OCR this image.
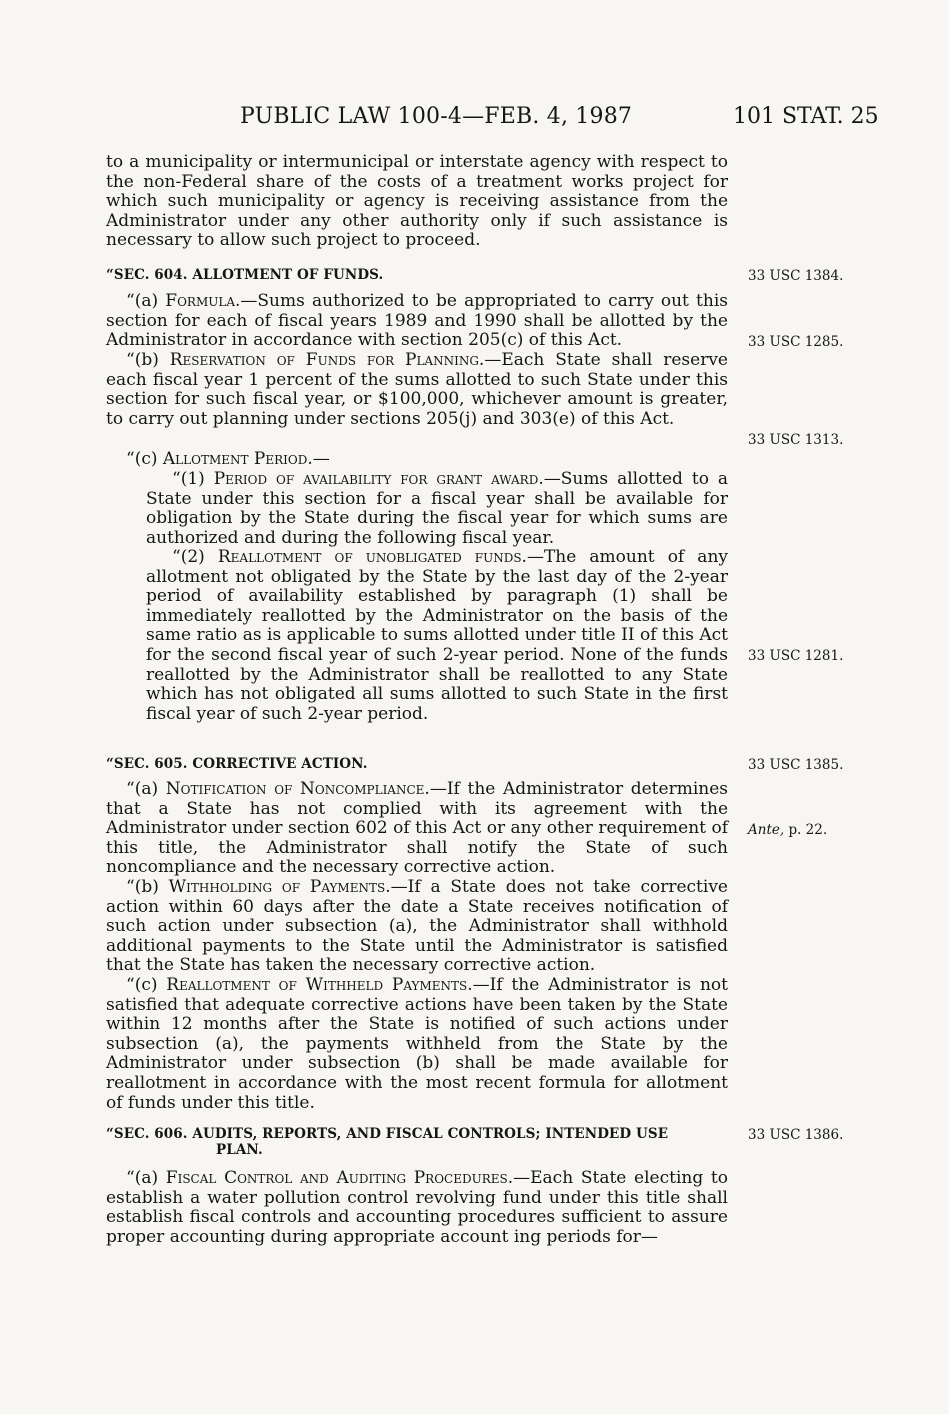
PUBLIC LAW 100-4—FEB. 4, 1987	101 STAT. 25
to a municipality or intermunicipal or interstate agency with respect to the non-Federal share of the costs of a treatment works project for which such municipality or agency is receiving assistance from the Administrator under any other authority only if such assistance is necessary to allow such project to proceed.
“SEC. 604. ALLOTMENT OF FUNDS.	33 USC 1384.
“(a) Formula.—Sums authorized to be appropriated to carry out this section for each of fiscal years 1989 and 1990 shall be allotted by the Administrator in accordance with section 205(c) of this Act.	33 USC 1285.
“(b) Reservation of Funds for Planning.—Each State shall reserve each fiscal year 1 percent of the sums allotted to such State under this section for such fiscal year, or $100,000, whichever amount is greater, to carry out planning under sections 205(j) and 303(e) of this Act.
33 USC 1313.
“(c) Allotment Period.—
“(1) Period of availability for grant award.—Sums allotted to a State under this section for a fiscal year shall be available for obligation by the State during the fiscal year for which sums are authorized and during the following fiscal year.
“(2) Reallotment of unobligated funds.—The amount of any allotment not obligated by the State by the last day of the 2-year period of availability established by paragraph (1) shall be immediately reallotted by the Administrator on the basis of the same ratio as is applicable to sums allotted under title II of this Act for the second fiscal year of such 2-year period. None of the funds reallotted by the Administrator shall be reallotted to any State which has not obligated all sums allotted to such State in the first fiscal year of such 2-year period.
33 USC 1281.
“SEC. 605. CORRECTIVE ACTION.	33 USC 1385.
“(a) Notification of Noncompliance.—If the Administrator determines that a State has not complied with its agreement with the Administrator under section 602 of this Act or any other requirement of this title, the Administrator shall notify the State of such noncompliance and the necessary corrective action.
Ante, p. 22.
“(b) Withholding of Payments.—If a State does not take corrective action within 60 days after the date a State receives notification of such action under subsection (a), the Administrator shall withhold additional payments to the State until the Administrator is satisfied that the State has taken the necessary corrective action.
“(c) Reallotment of Withheld Payments.—If the Administrator is not satisfied that adequate corrective actions have been taken by the State within 12 months after the State is notified of such actions under subsection (a), the payments withheld from the State by the Administrator under subsection (b) shall be made available for reallotment in accordance with the most recent formula for allotment of funds under this title.
“SEC. 606. AUDITS, REPORTS, AND FISCAL CONTROLS; INTENDED USE
PLAN.
33 USC 1386.
“(a) Fiscal Control and Auditing Procedures.—Each State electing to establish a water pollution control revolving fund under this title shall establish fiscal controls and accounting procedures sufficient to assure proper accounting during appropriate account ing periods for—
